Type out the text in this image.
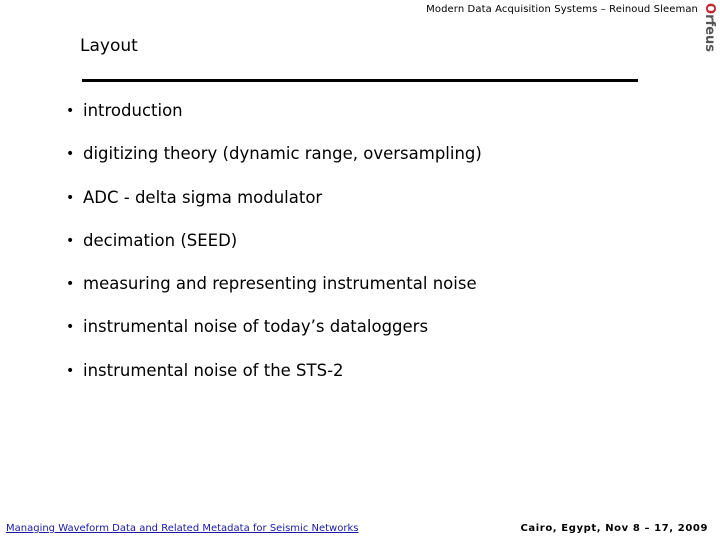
Modern Data Acquisition Systems – Reinoud Sleeman Orfeus
Layout
• introduction
• digitizing theory (dynamic range, oversampling)
• ADC - delta sigma modulator
• decimation (SEED)
• measuring and representing instrumental noise
• instrumental noise of today’s dataloggers
• instrumental noise of the STS-2
Managing Waveform Data and Related Metadata for Seismic Networks	Cairo, Egypt, Nov 8 – 17, 2009
